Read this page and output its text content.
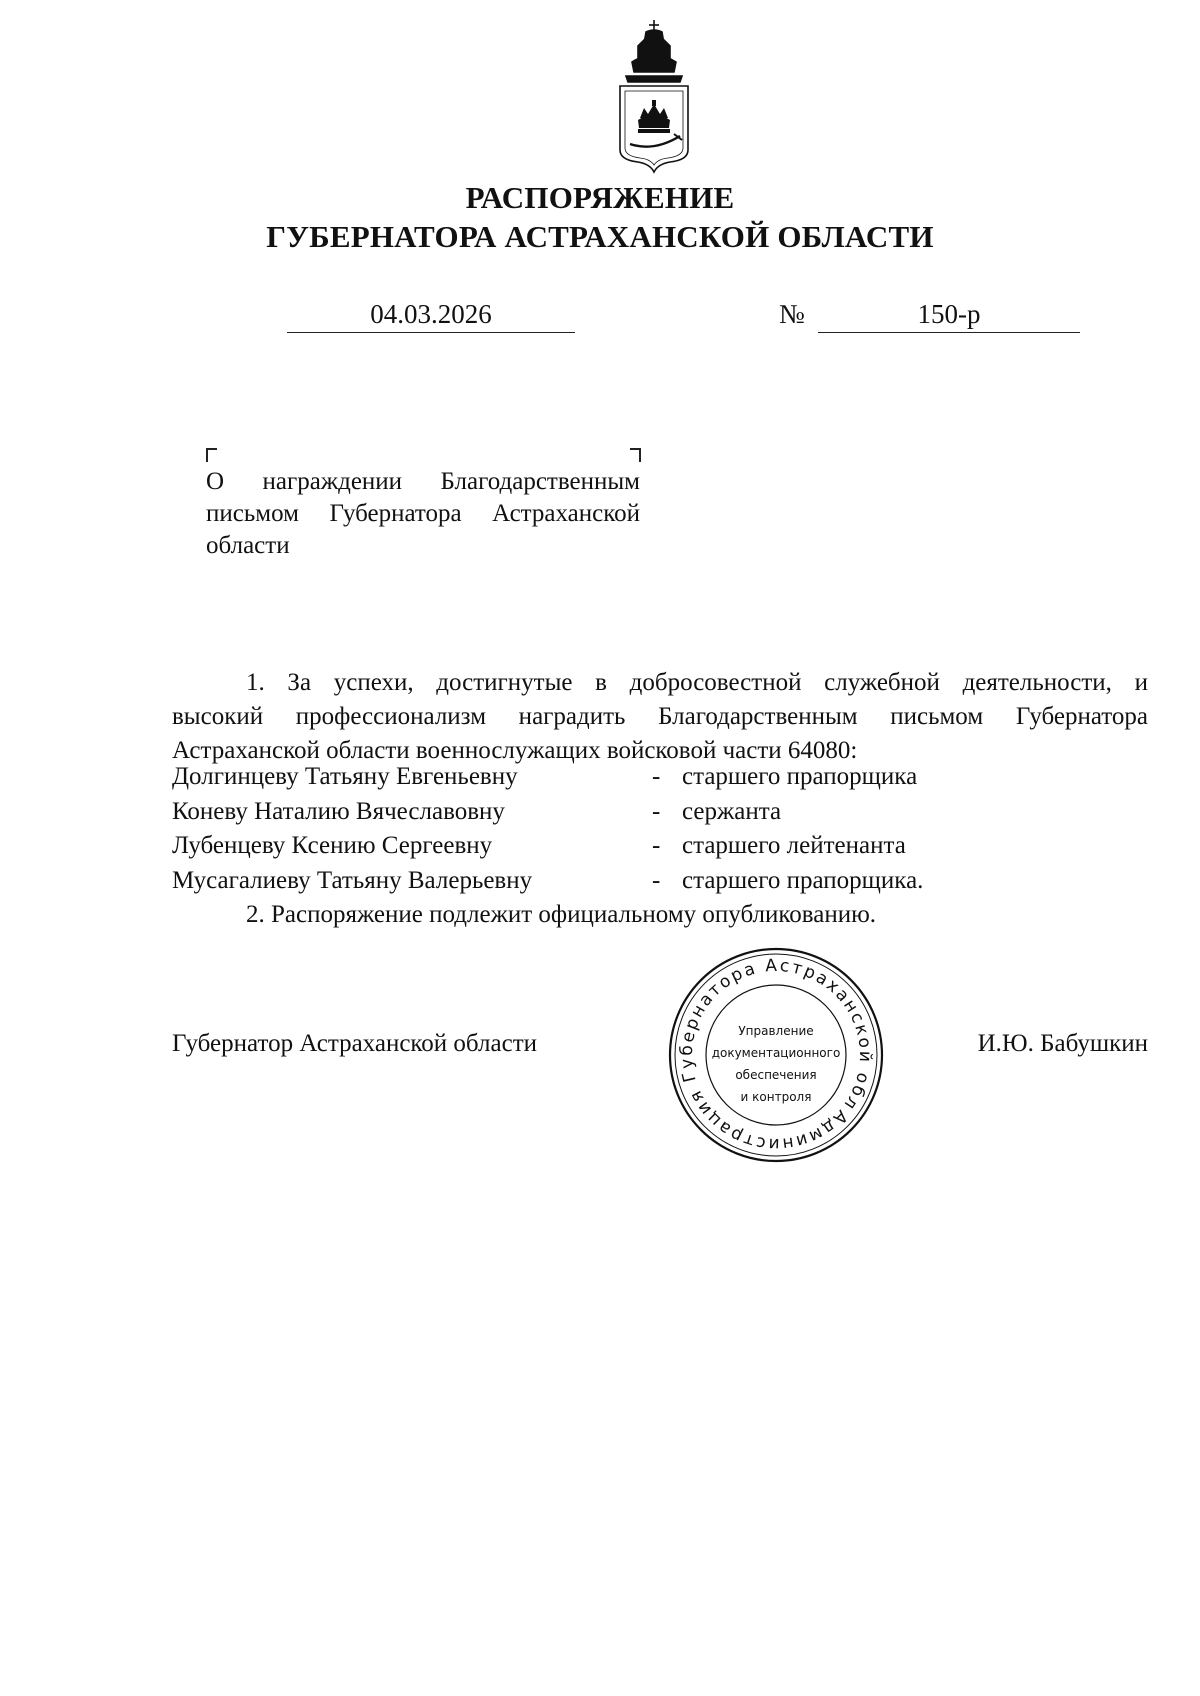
РАСПОРЯЖЕНИЕ
ГУБЕРНАТОРА АСТРАХАНСКОЙ ОБЛАСТИ
04.03.2026	№	150-р
О награждении Благодарственным
письмом Губернатора Астраханской
области
1. За успехи, достигнутые в добросовестной служебной деятельности, и
высокий профессионализм наградить Благодарственным письмом Губернатора
Астраханской области военнослужащих войсковой части 64080:
Долгинцеву Татьяну Евгеньевну	- старшего прапорщика
Коневу Наталию Вячеславовну	- сержанта
Лубенцеву Ксению Сергеевну	- старшего лейтенанта
Мусагалиеву Татьяну Валерьевну	- старшего прапорщика.
2. Распоряжение подлежит официальному опубликованию.
Губернатор Астраханской области	И.Ю. Бабушкин
Администрация Губернатора Астраханской области
Управление
документационного
обеспечения
и контроля
